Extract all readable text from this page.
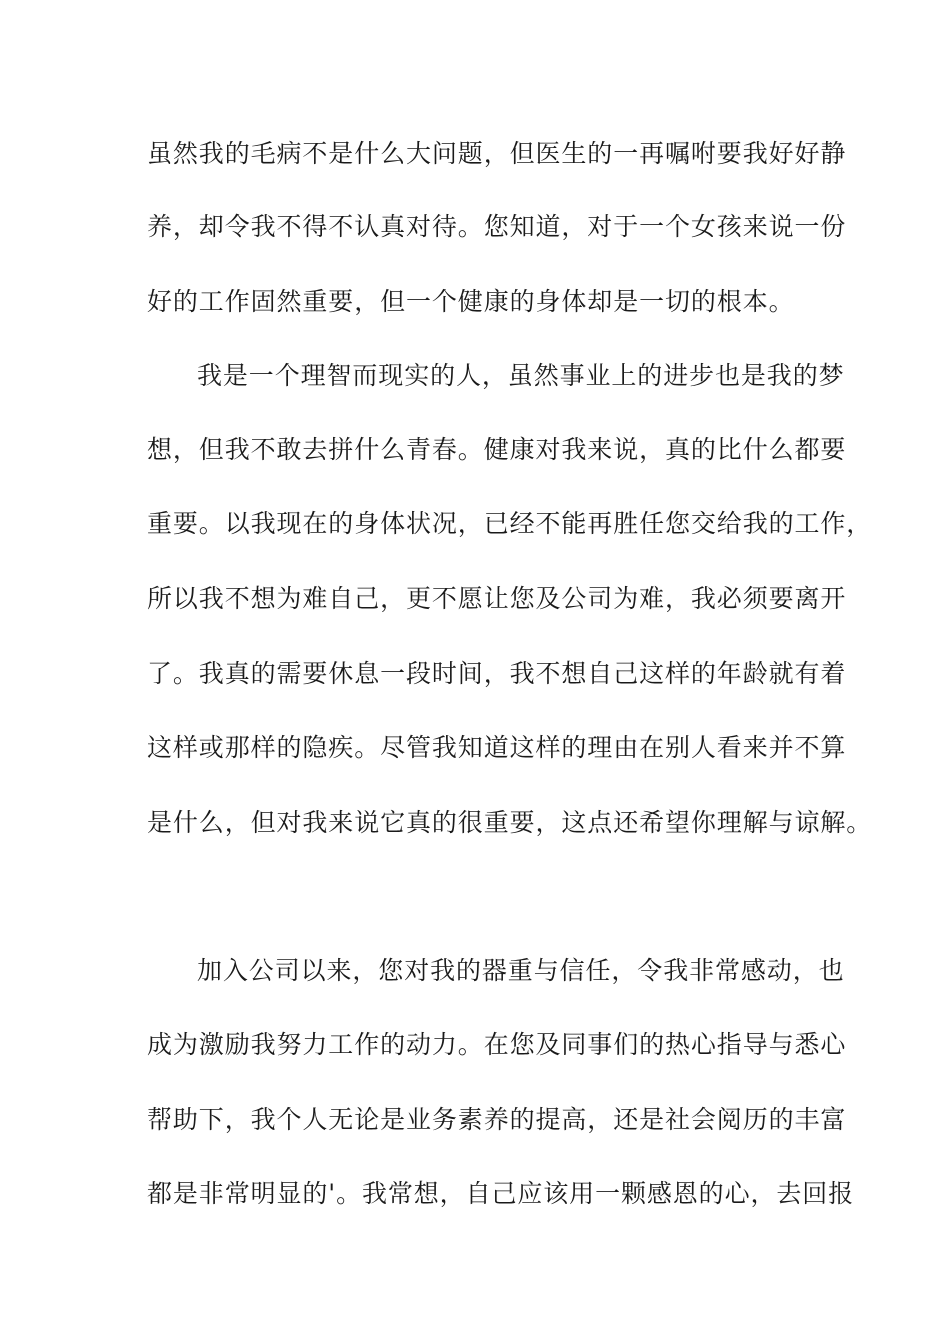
虽然我的毛病不是什么大问题，但医生的一再嘱咐要我好好静
养，却令我不得不认真对待。您知道，对于一个女孩来说一份
好的工作固然重要，但一个健康的身体却是一切的根本。
我是一个理智而现实的人，虽然事业上的进步也是我的梦
想，但我不敢去拼什么青春。健康对我来说，真的比什么都要
重要。以我现在的身体状况，已经不能再胜任您交给我的工作，
所以我不想为难自己，更不愿让您及公司为难，我必须要离开
了。我真的需要休息一段时间，我不想自己这样的年龄就有着
这样或那样的隐疾。尽管我知道这样的理由在别人看来并不算
是什么，但对我来说它真的很重要，这点还希望你理解与谅解。
加入公司以来，您对我的器重与信任，令我非常感动，也
成为激励我努力工作的动力。在您及同事们的热心指导与悉心
帮助下，我个人无论是业务素养的提高，还是社会阅历的丰富
都是非常明显的'。我常想，自己应该用一颗感恩的心，去回报
